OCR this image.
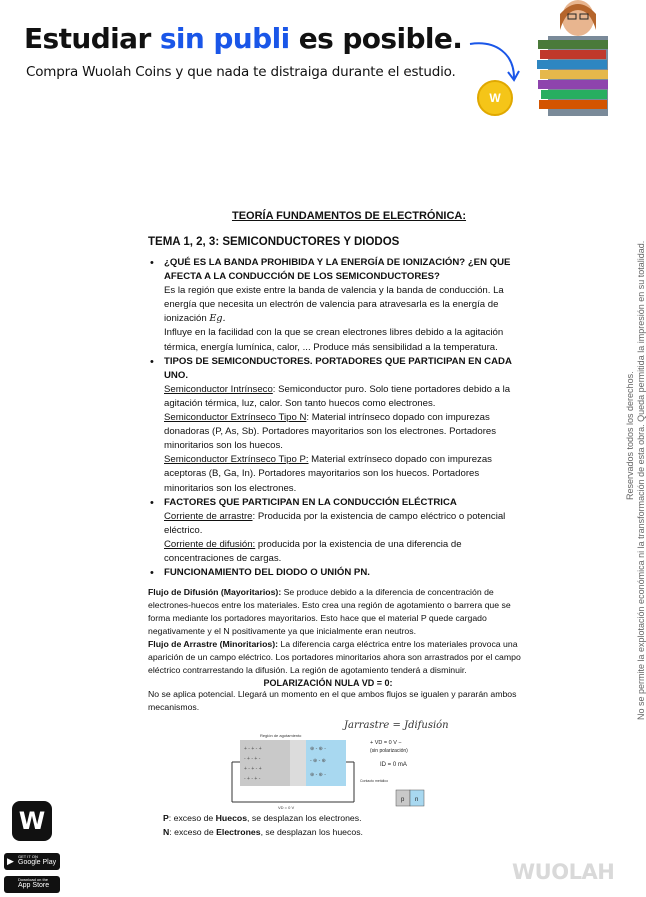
Estudiar sin publi es posible.
Compra Wuolah Coins y que nada te distraiga durante el estudio.
W
Reservados todos los derechos. No se permite la explotación económica ni la transformación de esta obra. Queda permitida la impresión en su totalidad.
W
▶ GET IT ON
Google Play
Download on the
App Store
WUOLAH
TEORÍA FUNDAMENTOS DE ELECTRÓNICA:
TEMA 1, 2, 3: SEMICONDUCTORES Y DIODOS
• ¿QUÉ ES LA BANDA PROHIBIDA Y LA ENERGÍA DE IONIZACIÓN? ¿EN QUE AFECTA A LA CONDUCCIÓN DE LOS SEMICONDUCTORES?
Es la región que existe entre la banda de valencia y la banda de conducción. La energía que necesita un electrón de valencia para atravesarla es la energía de ionización Eg.
Influye en la facilidad con la que se crean electrones libres debido a la agitación térmica, energía lumínica, calor, ... Produce más sensibilidad a la temperatura.
• TIPOS DE SEMICONDUCTORES. PORTADORES QUE PARTICIPAN EN CADA UNO.
Semiconductor Intrínseco: Semiconductor puro. Solo tiene portadores debido a la agitación térmica, luz, calor. Son tanto huecos como electrones.
Semiconductor Extrínseco Tipo N: Material intrínseco dopado con impurezas donadoras (P, As, Sb). Portadores mayoritarios son los electrones. Portadores minoritarios son los huecos.
Semiconductor Extrínseco Tipo P: Material extrínseco dopado con impurezas aceptoras (B, Ga, In). Portadores mayoritarios son los huecos. Portadores minoritarios son los electrones.
• FACTORES QUE PARTICIPAN EN LA CONDUCCIÓN ELÉCTRICA
Corriente de arrastre: Producida por la existencia de campo eléctrico o potencial eléctrico.
Corriente de difusión: producida por la existencia de una diferencia de concentraciones de cargas.
• FUNCIONAMIENTO DEL DIODO O UNIÓN PN.
Flujo de Difusión (Mayoritarios): Se produce debido a la diferencia de concentración de electrones-huecos entre los materiales. Esto crea una región de agotamiento o barrera que se forma mediante los portadores mayoritarios. Esto hace que el material P quede cargado negativamente y el N positivamente ya que inicialmente eran neutros.
Flujo de Arrastre (Minoritarios): La diferencia carga eléctrica entre los materiales provoca una aparición de un campo eléctrico. Los portadores minoritarios ahora son arrastrados por el campo eléctrico contrarrestando la difusión. La región de agotamiento tenderá a disminuir.
POLARIZACIÓN NULA VD = 0:
No se aplica potencial. Llegará un momento en el que ambos flujos se igualen y pararán ambos mecanismos.
Jarrastre = Jdifusión
+ - + - +
- + - + -
+ - + - +
- + - + -
⊕ - ⊕ -
- ⊕ - ⊕
⊕ - ⊕ -
Región de agotamiento
VD = 0 V
Contacto metálico
+ VD = 0 V −
(sin polarización)
ID = 0 mA
p n
P: exceso de Huecos, se desplazan los electrones.
N: exceso de Electrones, se desplazan los huecos.
